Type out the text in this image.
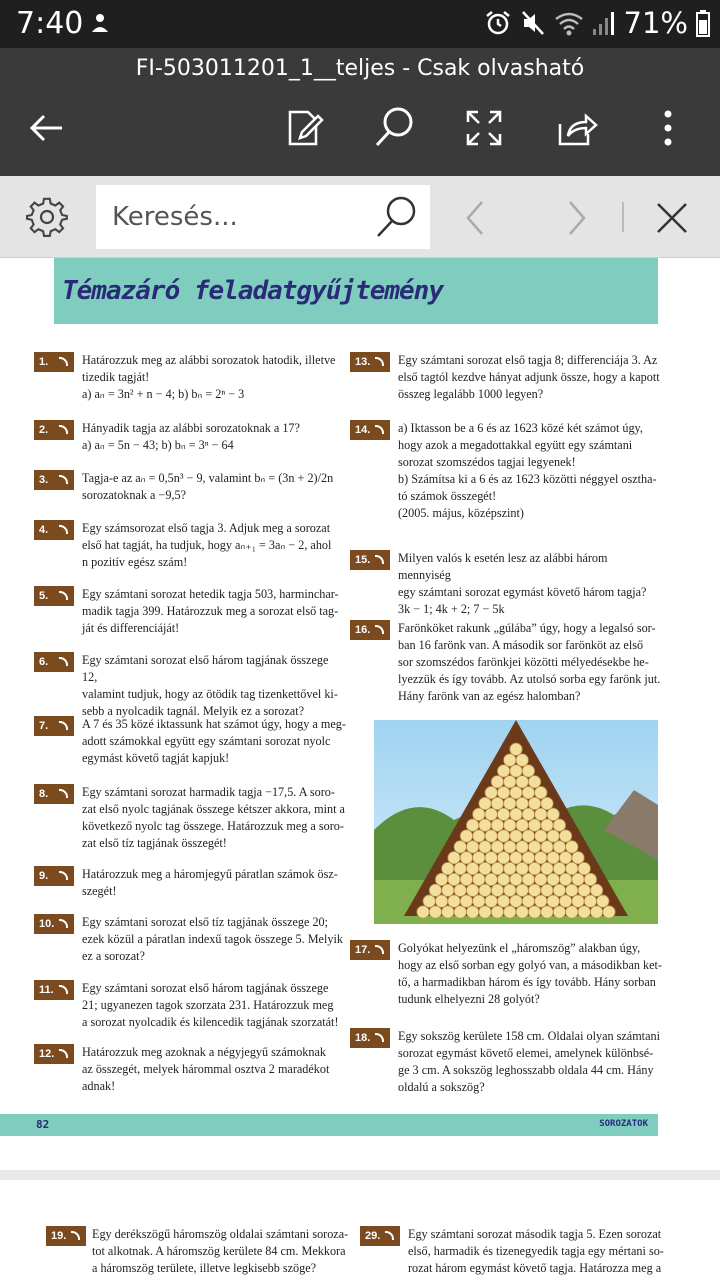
7:40	71%
FI-503011201_1__teljes - Csak olvasható
Keresés...
Témazáró feladatgyűjtemény
1.	Határozzuk meg az alábbi sorozatok hatodik, illetve
tizedik tagját!
a) aₙ = 3n² + n − 4; b) bₙ = 2ⁿ − 3

2.	Hányadik tagja az alábbi sorozatoknak a 17?
a) aₙ = 5n − 43; b) bₙ = 3ⁿ − 64

3.	Tagja-e az aₙ = 0,5n³ − 9, valamint bₙ = (3n + 2)/2n
sorozatoknak a −9,5?

4.	Egy számsorozat első tagja 3. Adjuk meg a sorozat
első hat tagját, ha tudjuk, hogy aₙ₊₁ = 3aₙ − 2, ahol
n pozitív egész szám!

5.	Egy számtani sorozat hetedik tagja 503, harminchar-
madik tagja 399. Határozzuk meg a sorozat első tag-
ját és differenciáját!

6.	Egy számtani sorozat első három tagjának összege 12,
valamint tudjuk, hogy az ötödik tag tizenkettővel ki-
sebb a nyolcadik tagnál. Melyik ez a sorozat?

7.	A 7 és 35 közé iktassunk hat számot úgy, hogy a meg-
adott számokkal együtt egy számtani sorozat nyolc
egymást követő tagját kapjuk!

8.	Egy számtani sorozat harmadik tagja −17,5. A soro-
zat első nyolc tagjának összege kétszer akkora, mint a
következő nyolc tag összege. Határozzuk meg a soro-
zat első tíz tagjának összegét!

9.	Határozzuk meg a háromjegyű páratlan számok ösz-
szegét!

10.	Egy számtani sorozat első tíz tagjának összege 20;
ezek közül a páratlan indexű tagok összege 5. Melyik
ez a sorozat?

11.	Egy számtani sorozat első három tagjának összege
21; ugyanezen tagok szorzata 231. Határozzuk meg
a sorozat nyolcadik és kilencedik tagjának szorzatát!

12.	Határozzuk meg azoknak a négyjegyű számoknak
az összegét, melyek hárommal osztva 2 maradékot
adnak!

13.	Egy számtani sorozat első tagja 8; differenciája 3. Az
első tagtól kezdve hányat adjunk össze, hogy a kapott
összeg legalább 1000 legyen?

14.	a) Iktasson be a 6 és az 1623 közé két számot úgy,
hogy azok a megadottakkal együtt egy számtani
sorozat szomszédos tagjai legyenek!
b) Számítsa ki a 6 és az 1623 közötti néggyel osztha-
tó számok összegét!
(2005. május, középszint)

15.	Milyen valós k esetén lesz az alábbi három mennyiség
egy számtani sorozat egymást követő három tagja?
3k − 1; 4k + 2; 7 − 5k

16.	Farönköket rakunk „gúlába” úgy, hogy a legalsó sor-
ban 16 farönk van. A második sor farönköt az első
sor szomszédos farönkjei közötti mélyedésekbe he-
lyezzük és így tovább. Az utolsó sorba egy farönk jut.
Hány farönk van az egész halomban?

17.	Golyókat helyezünk el „háromszög” alakban úgy,
hogy az első sorban egy golyó van, a másodikban ket-
tő, a harmadikban három és így tovább. Hány sorban
tudunk elhelyezni 28 golyót?

18.	Egy sokszög kerülete 158 cm. Oldalai olyan számtani
sorozat egymást követő elemei, amelynek különbsé-
ge 3 cm. A sokszög leghosszabb oldala 44 cm. Hány
oldalú a sokszög?

82	SOROZATOK
19.	Egy derékszögű háromszög oldalai számtani soroza-
tot alkotnak. A háromszög kerülete 84 cm. Mekkora
a háromszög területe, illetve legkisebb szöge?

29.	Egy számtani sorozat második tagja 5. Ezen sorozat
első, harmadik és tizenegyedik tagja egy mértani so-
rozat három egymást követő tagja. Határozza meg a
